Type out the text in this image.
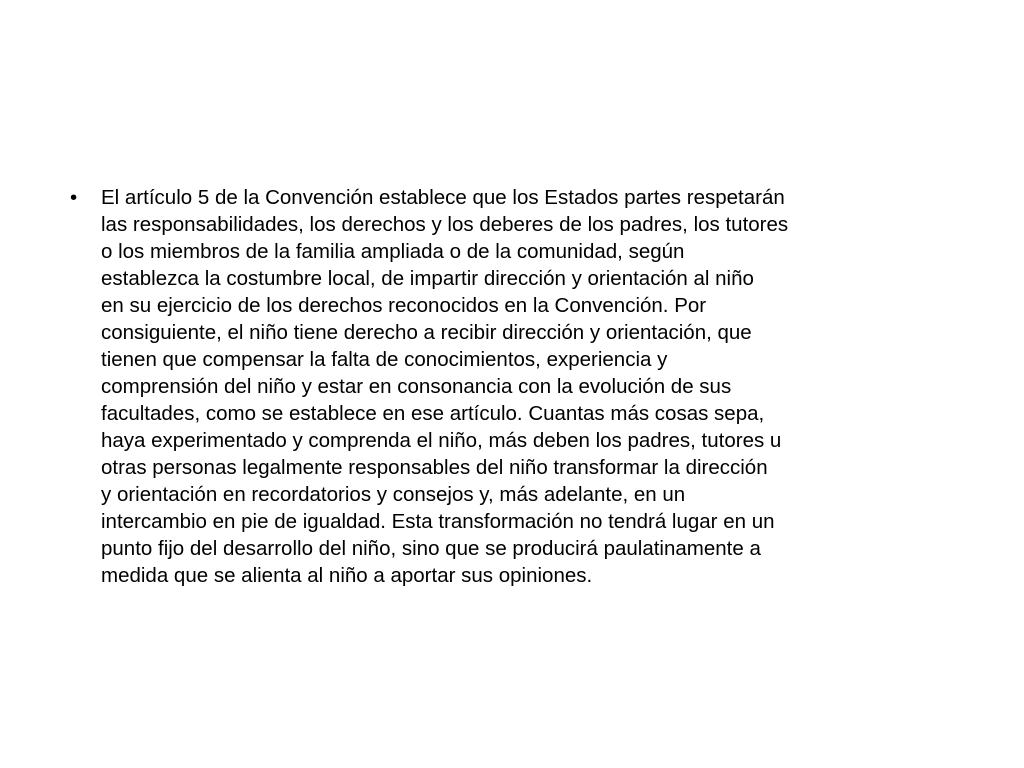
•	El artículo 5 de la Convención establece que los Estados partes respetarán
las responsabilidades, los derechos y los deberes de los padres, los tutores
o los miembros de la familia ampliada o de la comunidad, según
establezca la costumbre local, de impartir dirección y orientación al niño
en su ejercicio de los derechos reconocidos en la Convención. Por
consiguiente, el niño tiene derecho a recibir dirección y orientación, que
tienen que compensar la falta de conocimientos, experiencia y
comprensión del niño y estar en consonancia con la evolución de sus
facultades, como se establece en ese artículo. Cuantas más cosas sepa,
haya experimentado y comprenda el niño, más deben los padres, tutores u
otras personas legalmente responsables del niño transformar la dirección
y orientación en recordatorios y consejos y, más adelante, en un
intercambio en pie de igualdad. Esta transformación no tendrá lugar en un
punto fijo del desarrollo del niño, sino que se producirá paulatinamente a
medida que se alienta al niño a aportar sus opiniones.
